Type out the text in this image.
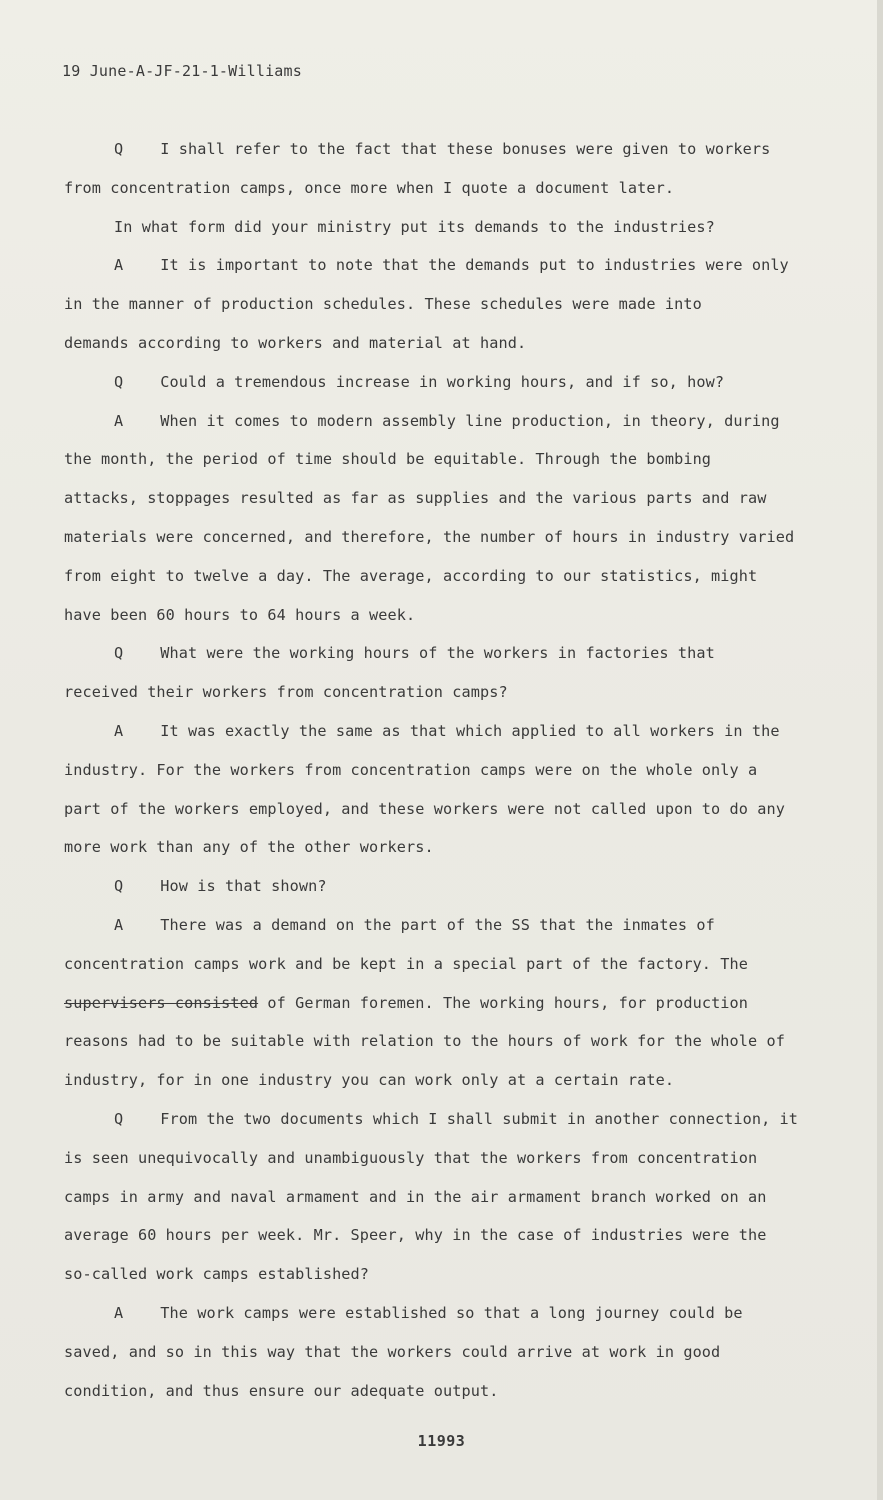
19 June-A-JF-21-1-Williams
Q I shall refer to the fact that these bonuses were given to workers
from concentration camps, once more when I quote a document later.
In what form did your ministry put its demands to the industries?
A It is important to note that the demands put to industries were only
in the manner of production schedules. These schedules were made into
demands according to workers and material at hand.
Q Could a tremendous increase in working hours, and if so, how?
A When it comes to modern assembly line production, in theory, during
the month, the period of time should be equitable. Through the bombing
attacks, stoppages resulted as far as supplies and the various parts and raw
materials were concerned, and therefore, the number of hours in industry varied
from eight to twelve a day. The average, according to our statistics, might
have been 60 hours to 64 hours a week.
Q What were the working hours of the workers in factories that
received their workers from concentration camps?
A It was exactly the same as that which applied to all workers in the
industry. For the workers from concentration camps were on the whole only a
part of the workers employed, and these workers were not called upon to do any
more work than any of the other workers.
Q How is that shown?
A There was a demand on the part of the SS that the inmates of
concentration camps work and be kept in a special part of the factory. The
supervisers consisted of German foremen. The working hours, for production
reasons had to be suitable with relation to the hours of work for the whole of
industry, for in one industry you can work only at a certain rate.
Q From the two documents which I shall submit in another connection, it
is seen unequivocally and unambiguously that the workers from concentration
camps in army and naval armament and in the air armament branch worked on an
average 60 hours per week. Mr. Speer, why in the case of industries were the
so-called work camps established?
A The work camps were established so that a long journey could be
saved, and so in this way that the workers could arrive at work in good
condition, and thus ensure our adequate output.
11993
